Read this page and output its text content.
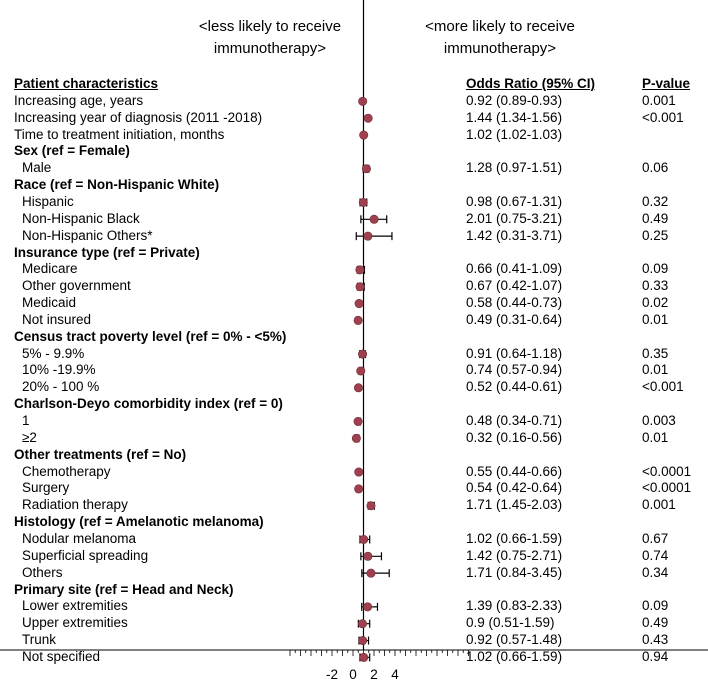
<less likely to receive immunotherapy>
<more likely to receive immunotherapy>
-2 0 2 4
Patient characteristics	Odds Ratio (95% CI)	P-value
Increasing age, years	0.92 (0.89-0.93)	0.001
Increasing year of diagnosis (2011 -2018)	1.44 (1.34-1.56)	<0.001
Time to treatment initiation, months	1.02 (1.02-1.03)
Sex (ref = Female)
Male	1.28 (0.97-1.51)	0.06
Race (ref = Non-Hispanic White)
Hispanic	0.98 (0.67-1.31)	0.32
Non-Hispanic Black	2.01 (0.75-3.21)	0.49
Non-Hispanic Others*	1.42 (0.31-3.71)	0.25
Insurance type (ref = Private)
Medicare	0.66 (0.41-1.09)	0.09
Other government	0.67 (0.42-1.07)	0.33
Medicaid	0.58 (0.44-0.73)	0.02
Not insured	0.49 (0.31-0.64)	0.01
Census tract poverty level (ref = 0% - <5%)
5% - 9.9%	0.91 (0.64-1.18)	0.35
10% -19.9%	0.74 (0.57-0.94)	0.01
20% - 100 %	0.52 (0.44-0.61)	<0.001
Charlson-Deyo comorbidity index (ref = 0)
1	0.48 (0.34-0.71)	0.003
≥2	0.32 (0.16-0.56)	0.01
Other treatments (ref = No)
Chemotherapy	0.55 (0.44-0.66)	<0.0001
Surgery	0.54 (0.42-0.64)	<0.0001
Radiation therapy	1.71 (1.45-2.03)	0.001
Histology (ref = Amelanotic melanoma)
Nodular melanoma	1.02 (0.66-1.59)	0.67
Superficial spreading	1.42 (0.75-2.71)	0.74
Others	1.71 (0.84-3.45)	0.34
Primary site (ref = Head and Neck)
Lower extremities	1.39 (0.83-2.33)	0.09
Upper extremities	0.9 (0.51-1.59)	0.49
Trunk	0.92 (0.57-1.48)	0.43
Not specified	1.02 (0.66-1.59)	0.94
